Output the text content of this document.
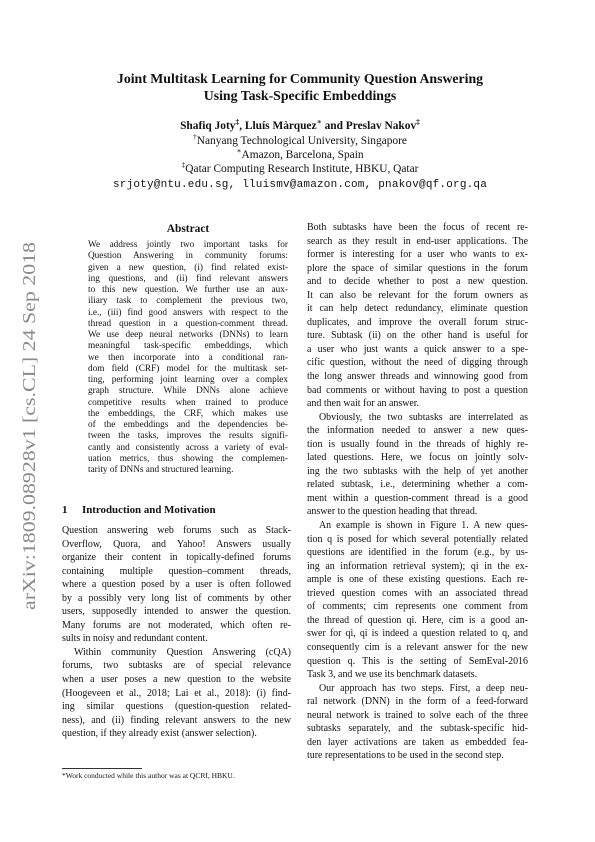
arXiv:1809.08928v1 [cs.CL] 24 Sep 2018
Joint Multitask Learning for Community Question Answering
Using Task-Specific Embeddings
Shafiq Joty‡, Lluís Màrquez∗ and Preslav Nakov‡
†Nanyang Technological University, Singapore
∗Amazon, Barcelona, Spain
‡Qatar Computing Research Institute, HBKU, Qatar
srjoty@ntu.edu.sg, lluismv@amazon.com, pnakov@qf.org.qa
Abstract
We address jointly two important tasks for
Question Answering in community forums:
given a new question, (i) find related exist-
ing questions, and (ii) find relevant answers
to this new question. We further use an aux-
iliary task to complement the previous two,
i.e., (iii) find good answers with respect to the
thread question in a question-comment thread.
We use deep neural networks (DNNs) to learn
meaningful task-specific embeddings, which
we then incorporate into a conditional ran-
dom field (CRF) model for the multitask set-
ting, performing joint learning over a complex
graph structure. While DNNs alone achieve
competitive results when trained to produce
the embeddings, the CRF, which makes use
of the embeddings and the dependencies be-
tween the tasks, improves the results signifi-
cantly and consistently across a variety of eval-
uation metrics, thus showing the complemen-
tarity of DNNs and structured learning.
1 Introduction and Motivation
Question answering web forums such as Stack-
Overflow, Quora, and Yahoo! Answers usually
organize their content in topically-defined forums
containing multiple question–comment threads,
where a question posed by a user is often followed
by a possibly very long list of comments by other
users, supposedly intended to answer the question.
Many forums are not moderated, which often re-
sults in noisy and redundant content.
Within community Question Answering (cQA)
forums, two subtasks are of special relevance
when a user poses a new question to the website
(Hoogeveen et al., 2018; Lai et al., 2018): (i) find-
ing similar questions (question-question related-
ness), and (ii) finding relevant answers to the new
question, if they already exist (answer selection).
*Work conducted while this author was at QCRI, HBKU.
Both subtasks have been the focus of recent re-
search as they result in end-user applications. The
former is interesting for a user who wants to ex-
plore the space of similar questions in the forum
and to decide whether to post a new question.
It can also be relevant for the forum owners as
it can help detect redundancy, eliminate question
duplicates, and improve the overall forum struc-
ture. Subtask (ii) on the other hand is useful for
a user who just wants a quick answer to a spe-
cific question, without the need of digging through
the long answer threads and winnowing good from
bad comments or without having to post a question
and then wait for an answer.
Obviously, the two subtasks are interrelated as
the information needed to answer a new ques-
tion is usually found in the threads of highly re-
lated questions. Here, we focus on jointly solv-
ing the two subtasks with the help of yet another
related subtask, i.e., determining whether a com-
ment within a question-comment thread is a good
answer to the question heading that thread.
An example is shown in Figure 1. A new ques-
tion q is posed for which several potentially related
questions are identified in the forum (e.g., by us-
ing an information retrieval system); qi in the ex-
ample is one of these existing questions. Each re-
trieved question comes with an associated thread
of comments; cim represents one comment from
the thread of question qi. Here, cim is a good an-
swer for qi, qi is indeed a question related to q, and
consequently cim is a relevant answer for the new
question q. This is the setting of SemEval-2016
Task 3, and we use its benchmark datasets.
Our approach has two steps. First, a deep neu-
ral network (DNN) in the form of a feed-forward
neural network is trained to solve each of the three
subtasks separately, and the subtask-specific hid-
den layer activations are taken as embedded fea-
ture representations to be used in the second step.
